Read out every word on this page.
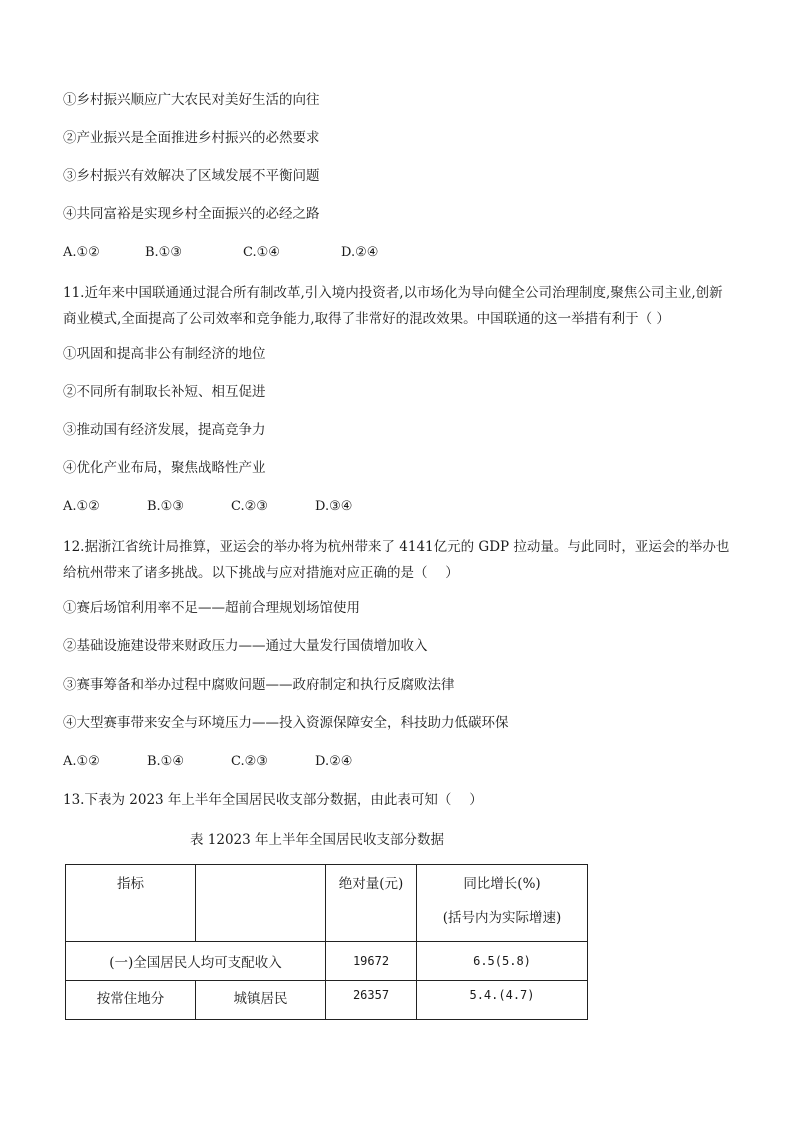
①乡村振兴顺应广大农民对美好生活的向往
②产业振兴是全面推进乡村振兴的必然要求
③乡村振兴有效解决了区域发展不平衡问题
④共同富裕是实现乡村全面振兴的必经之路
A.①②	B.①③	C.①④	D.②④
11.近年来中国联通通过混合所有制改革,引入境内投资者,以市场化为导向健全公司治理制度,聚焦公司主业,创新商业模式,全面提高了公司效率和竞争能力,取得了非常好的混改效果。中国联通的这一举措有利于（ ）
①巩固和提高非公有制经济的地位
②不同所有制取长补短、相互促进
③推动国有经济发展，提高竞争力
④优化产业布局，聚焦战略性产业
A.①②	B.①③	C.②③	D.③④
12.据浙江省统计局推算，亚运会的举办将为杭州带来了 4141亿元的 GDP 拉动量。与此同时，亚运会的举办也给杭州带来了诸多挑战。以下挑战与应对措施对应正确的是（　 ）
①赛后场馆利用率不足——超前合理规划场馆使用
②基础设施建设带来财政压力——通过大量发行国债增加收入
③赛事筹备和举办过程中腐败问题——政府制定和执行反腐败法律
④大型赛事带来安全与环境压力——投入资源保障安全，科技助力低碳环保
A.①②	B.①④	C.②③	D.②④
13.下表为 2023 年上半年全国居民收支部分数据，由此表可知（　 ）
表 12023 年上半年全国居民收支部分数据
指标		绝对量(元)	同比增长(%)
(括号内为实际增速)

(一)全国居民人均可支配收入		19672	6.5(5.8)
按常住地分	城镇居民	26357	5.4.(4.7)
